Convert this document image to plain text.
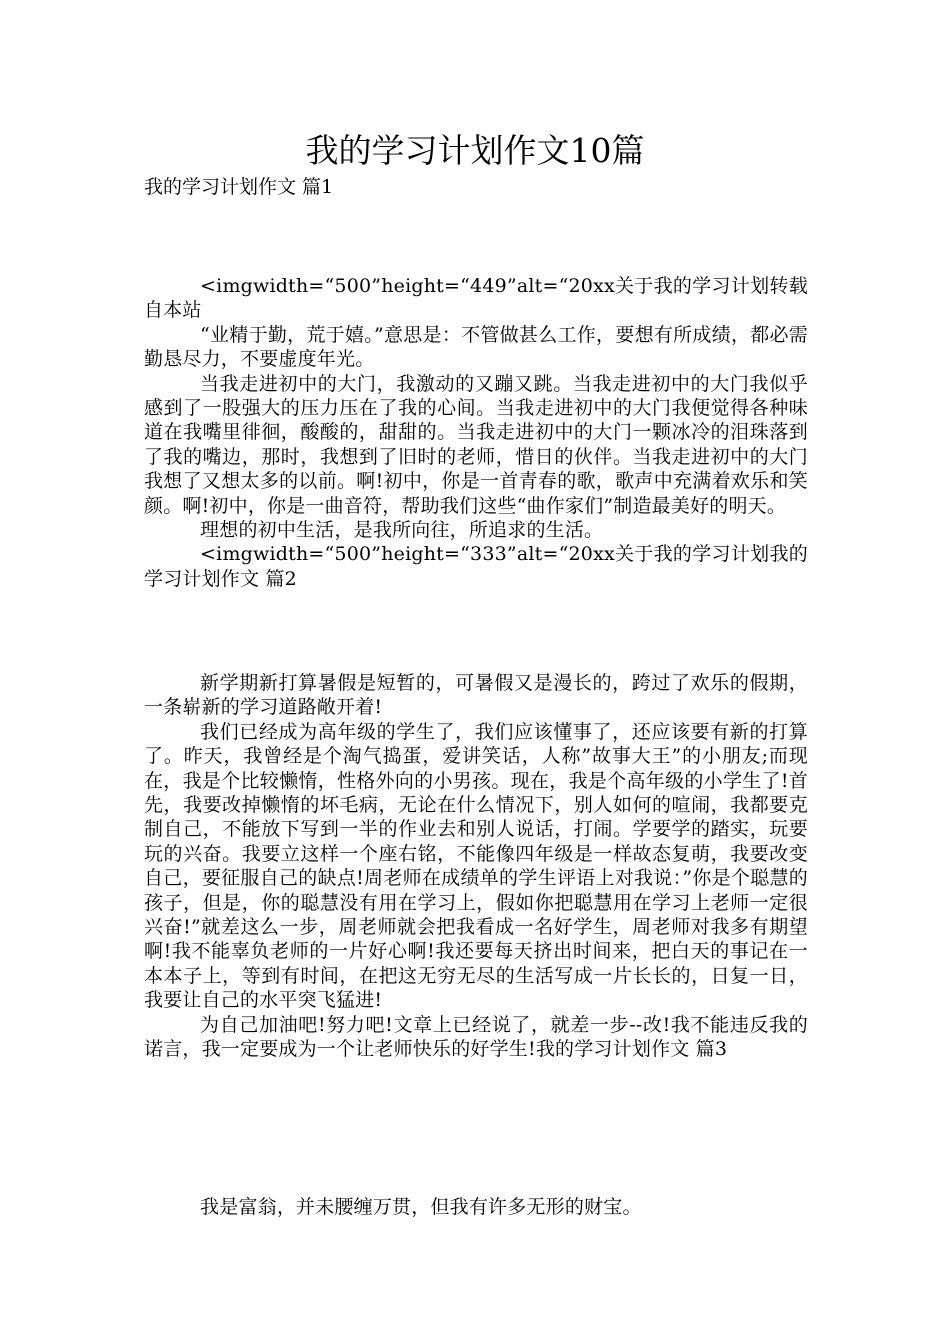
我的学习计划作文10篇
我的学习计划作文 篇1

<imgwidth=“500”height=“449”alt=“20xx关于我的学习计划转载自本站

“业精于勤，荒于嬉。”意思是：不管做甚么工作，要想有所成绩，都必需勤恳尽力，不要虚度年光。

当我走进初中的大门，我激动的又蹦又跳。当我走进初中的大门我似乎感到了一股强大的压力压在了我的心间。当我走进初中的大门我便觉得各种味道在我嘴里徘徊，酸酸的，甜甜的。当我走进初中的大门一颗冰冷的泪珠落到了我的嘴边，那时，我想到了旧时的老师，惜日的伙伴。当我走进初中的大门我想了又想太多的以前。啊!初中，你是一首青春的歌，歌声中充满着欢乐和笑颜。啊!初中，你是一曲音符，帮助我们这些“曲作家们”制造最美好的明天。

理想的初中生活，是我所向往，所追求的生活。

<imgwidth=“500”height=“333”alt=“20xx关于我的学习计划我的学习计划作文 篇2

新学期新打算暑假是短暂的，可暑假又是漫长的，跨过了欢乐的假期，一条崭新的学习道路敞开着!

我们已经成为高年级的学生了，我们应该懂事了，还应该要有新的打算了。昨天，我曾经是个淘气捣蛋，爱讲笑话，人称”故事大王”的小朋友;而现在，我是个比较懒惰，性格外向的小男孩。现在，我是个高年级的小学生了!首先，我要改掉懒惰的坏毛病，无论在什么情况下，别人如何的喧闹，我都要克制自己，不能放下写到一半的作业去和别人说话，打闹。学要学的踏实，玩要玩的兴奋。我要立这样一个座右铭，不能像四年级是一样故态复萌，我要改变自己，要征服自己的缺点!周老师在成绩单的学生评语上对我说：”你是个聪慧的孩子，但是，你的聪慧没有用在学习上，假如你把聪慧用在学习上老师一定很兴奋!”就差这么一步，周老师就会把我看成一名好学生，周老师对我多有期望啊!我不能辜负老师的一片好心啊!我还要每天挤出时间来，把白天的事记在一本本子上，等到有时间，在把这无穷无尽的生活写成一片长长的，日复一日，我要让自己的水平突飞猛进!

为自己加油吧!努力吧!文章上已经说了，就差一步--改!我不能违反我的诺言，我一定要成为一个让老师快乐的好学生!我的学习计划作文 篇3

我是富翁，并未腰缠万贯，但我有许多无形的财宝。
